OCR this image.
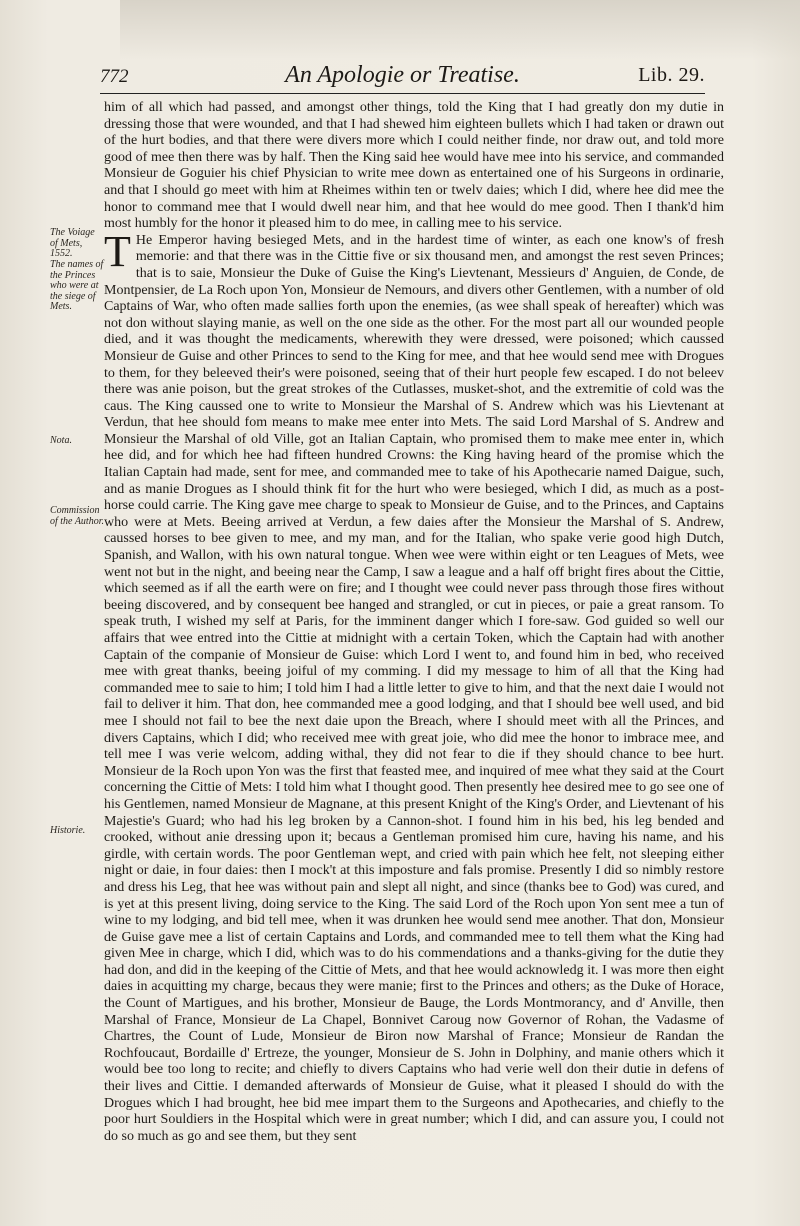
772	An Apologie or Treatise.	Lib. 29.
The Voiage of Mets, 1552.
The names of the Princes who were at the siege of Mets.
Nota.
Commission of the Author.
Historie.

him of all which had passed, and amongst other things, told the King that I had greatly don my dutie in dressing those that were wounded, and that I had shewed him eighteen bullets which I had taken or drawn out of the hurt bodies, and that there were divers more which I could neither finde, nor draw out, and told more good of mee then there was by half. Then the King said hee would have mee into his service, and commanded Monsieur de Goguier his chief Physician to write mee down as entertained one of his Surgeons in ordinarie, and that I should go meet with him at Rheimes within ten or twelv daies; which I did, where hee did mee the honor to command mee that I would dwell near him, and that hee would do mee good. Then I thank'd him most humbly for the honor it pleased him to do mee, in calling mee to his service.

T He Emperor having besieged Mets, and in the hardest time of winter, as each one know's of fresh memorie: and that there was in the Cittie five or six thousand men, and amongst the rest seven Princes; that is to saie, Monsieur the Duke of Guise the King's Lievtenant, Messieurs d' Anguien, de Conde, de Montpensier, de La Roch upon Yon, Monsieur de Nemours, and divers other Gentlemen, with a number of old Captains of War, who often made sallies forth upon the enemies, (as wee shall speak of hereafter) which was not don without slaying manie, as well on the one side as the other. For the most part all our wounded people died, and it was thought the medicaments, wherewith they were dressed, were poisoned; which caussed Monsieur de Guise and other Princes to send to the King for mee, and that hee would send mee with Drogues to them, for they beleeved their's were poisoned, seeing that of their hurt people few escaped. I do not beleev there was anie poison, but the great strokes of the Cutlasses, musket-shot, and the extremitie of cold was the caus. The King caussed one to write to Monsieur the Marshal of S. Andrew which was his Lievtenant at Verdun, that hee should fom means to make mee enter into Mets. The said Lord Marshal of S. Andrew and Monsieur the Marshal of old Ville, got an Italian Captain, who promised them to make mee enter in, which hee did, and for which hee had fifteen hundred Crowns: the King having heard of the promise which the Italian Captain had made, sent for mee, and commanded mee to take of his Apothecarie named Daigue, such, and as manie Drogues as I should think fit for the hurt who were besieged, which I did, as much as a post-horse could carrie. The King gave mee charge to speak to Monsieur de Guise, and to the Princes, and Captains who were at Mets. Beeing arrived at Verdun, a few daies after the Monsieur the Marshal of S. Andrew, caussed horses to bee given to mee, and my man, and for the Italian, who spake verie good high Dutch, Spanish, and Wallon, with his own natural tongue. When wee were within eight or ten Leagues of Mets, wee went not but in the night, and beeing near the Camp, I saw a league and a half off bright fires about the Cittie, which seemed as if all the earth were on fire; and I thought wee could never pass through those fires without beeing discovered, and by consequent bee hanged and strangled, or cut in pieces, or paie a great ransom. To speak truth, I wished my self at Paris, for the imminent danger which I fore-saw. God guided so well our affairs that wee entred into the Cittie at midnight with a certain Token, which the Captain had with another Captain of the companie of Monsieur de Guise: which Lord I went to, and found him in bed, who received mee with great thanks, beeing joiful of my comming. I did my message to him of all that the King had commanded mee to saie to him; I told him I had a little letter to give to him, and that the next daie I would not fail to deliver it him. That don, hee commanded mee a good lodging, and that I should bee well used, and bid mee I should not fail to bee the next daie upon the Breach, where I should meet with all the Princes, and divers Captains, which I did; who received mee with great joie, who did mee the honor to imbrace mee, and tell mee I was verie welcom, adding withal, they did not fear to die if they should chance to bee hurt. Monsieur de la Roch upon Yon was the first that feasted mee, and inquired of mee what they said at the Court concerning the Cittie of Mets: I told him what I thought good. Then presently hee desired mee to go see one of his Gentlemen, named Monsieur de Magnane, at this present Knight of the King's Order, and Lievtenant of his Majestie's Guard; who had his leg broken by a Cannon-shot. I found him in his bed, his leg bended and crooked, without anie dressing upon it; becaus a Gentleman promised him cure, having his name, and his girdle, with certain words. The poor Gentleman wept, and cried with pain which hee felt, not sleeping either night or daie, in four daies: then I mock't at this imposture and fals promise. Presently I did so nimbly restore and dress his Leg, that hee was without pain and slept all night, and since (thanks bee to God) was cured, and is yet at this present living, doing service to the King. The said Lord of the Roch upon Yon sent mee a tun of wine to my lodging, and bid tell mee, when it was drunken hee would send mee another. That don, Monsieur de Guise gave mee a list of certain Captains and Lords, and commanded mee to tell them what the King had given Mee in charge, which I did, which was to do his commendations and a thanks-giving for the dutie they had don, and did in the keeping of the Cittie of Mets, and that hee would acknowledg it. I was more then eight daies in acquitting my charge, becaus they were manie; first to the Princes and others; as the Duke of Horace, the Count of Martigues, and his brother, Monsieur de Bauge, the Lords Montmorancy, and d' Anville, then Marshal of France, Monsieur de La Chapel, Bonnivet Caroug now Governor of Rohan, the Vadasme of Chartres, the Count of Lude, Monsieur de Biron now Marshal of France; Monsieur de Randan the Rochfoucaut, Bordaille d' Ertreze, the younger, Monsieur de S. John in Dolphiny, and manie others which it would bee too long to recite; and chiefly to divers Captains who had verie well don their dutie in defens of their lives and Cittie. I demanded afterwards of Monsieur de Guise, what it pleased I should do with the Drogues which I had brought, hee bid mee impart them to the Surgeons and Apothecaries, and chiefly to the poor hurt Souldiers in the Hospital which were in great number; which I did, and can assure you, I could not do so much as go and see them, but they sent
